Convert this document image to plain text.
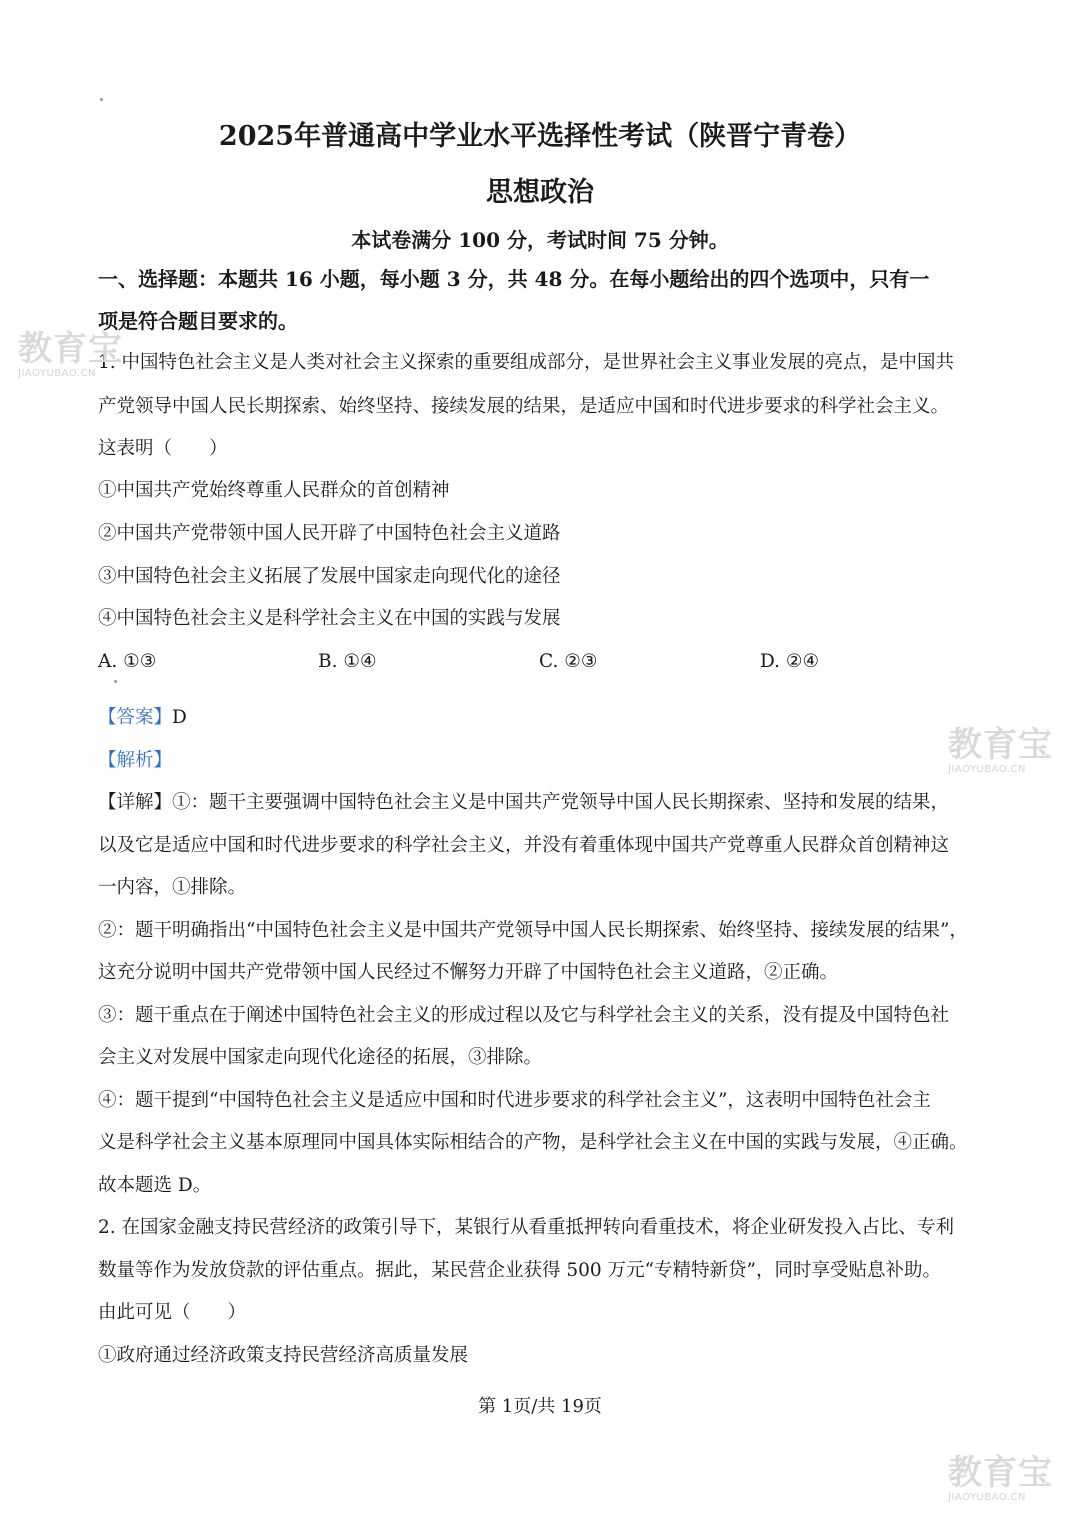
2025年普通高中学业水平选择性考试（陕晋宁青卷）
思想政治
本试卷满分 100 分，考试时间 75 分钟。
一、选择题：本题共 16 小题，每小题 3 分，共 48 分。在每小题给出的四个选项中，只有一
项是符合题目要求的。
1. 中国特色社会主义是人类对社会主义探索的重要组成部分，是世界社会主义事业发展的亮点，是中国共
产党领导中国人民长期探索、始终坚持、接续发展的结果，是适应中国和时代进步要求的科学社会主义。
这表明（　　）
①中国共产党始终尊重人民群众的首创精神
②中国共产党带领中国人民开辟了中国特色社会主义道路
③中国特色社会主义拓展了发展中国家走向现代化的途径
④中国特色社会主义是科学社会主义在中国的实践与发展
A. ①③	B. ①④	C. ②③	D. ②④
【答案】D
【解析】
【详解】①：题干主要强调中国特色社会主义是中国共产党领导中国人民长期探索、坚持和发展的结果，
以及它是适应中国和时代进步要求的科学社会主义，并没有着重体现中国共产党尊重人民群众首创精神这
一内容，①排除。
②：题干明确指出“中国特色社会主义是中国共产党领导中国人民长期探索、始终坚持、接续发展的结果”，
这充分说明中国共产党带领中国人民经过不懈努力开辟了中国特色社会主义道路，②正确。
③：题干重点在于阐述中国特色社会主义的形成过程以及它与科学社会主义的关系，没有提及中国特色社
会主义对发展中国家走向现代化途径的拓展，③排除。
④：题干提到“中国特色社会主义是适应中国和时代进步要求的科学社会主义”，这表明中国特色社会主
义是科学社会主义基本原理同中国具体实际相结合的产物，是科学社会主义在中国的实践与发展，④正确。
故本题选 D。
2. 在国家金融支持民营经济的政策引导下，某银行从看重抵押转向看重技术，将企业研发投入占比、专利
数量等作为发放贷款的评估重点。据此，某民营企业获得 500 万元“专精特新贷”，同时享受贴息补助。
由此可见（　　）
①政府通过经济政策支持民营经济高质量发展
第 1页/共 19页
教育宝
JIAOYUBAO.CN
教育宝
JIAOYUBAO.CN
教育宝
JIAOYUBAO.CN
